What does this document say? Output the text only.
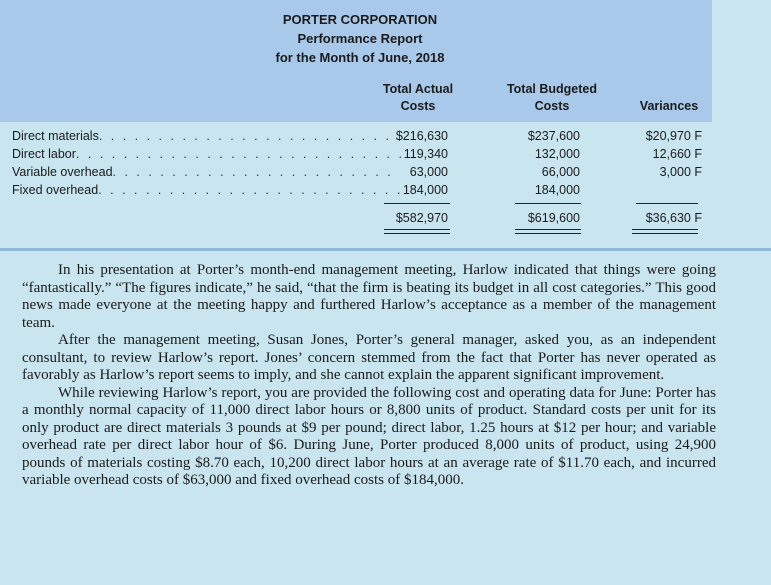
PORTER CORPORATION
Performance Report
for the Month of June, 2018
Total Actual
Costs
Total Budgeted
Costs	Variances
Direct materials. . . . . . . . . . . . . . . . . . . . . . . . . $216,630	$237,600	$20,970 F
Direct labor. . . . . . . . . . . . . . . . . . . . . . . . . . . . 119,340	132,000	12,660 F
Variable overhead. . . . . . . . . . . . . . . . . . . . . . . .	63,000	66,000	3,000 F
Fixed overhead. . . . . . . . . . . . . . . . . . . . . . . . . . 184,000	184,000
$582,970	$619,600	$36,630 F

In his presentation at Porter’s month-end management meeting, Harlow indicated that things were going “fantastically.” “The figures indicate,” he said, “that the firm is beating its budget in all cost categories.” This good news made everyone at the meeting happy and furthered Harlow’s acceptance as a member of the management team.

After the management meeting, Susan Jones, Porter’s general manager, asked you, as an independent consultant, to review Harlow’s report. Jones’ concern stemmed from the fact that Porter has never operated as favorably as Harlow’s report seems to imply, and she cannot explain the apparent significant improvement.

While reviewing Harlow’s report, you are provided the following cost and operating data for June: Porter has a monthly normal capacity of 11,000 direct labor hours or 8,800 units of product. Standard costs per unit for its only product are direct materials 3 pounds at $9 per pound; direct labor, 1.25 hours at $12 per hour; and variable overhead rate per direct labor hour of $6. During June, Porter produced 8,000 units of product, using 24,900 pounds of materials costing $8.70 each, 10,200 direct labor hours at an average rate of $11.70 each, and incurred variable overhead costs of $63,000 and fixed overhead costs of $184,000.
